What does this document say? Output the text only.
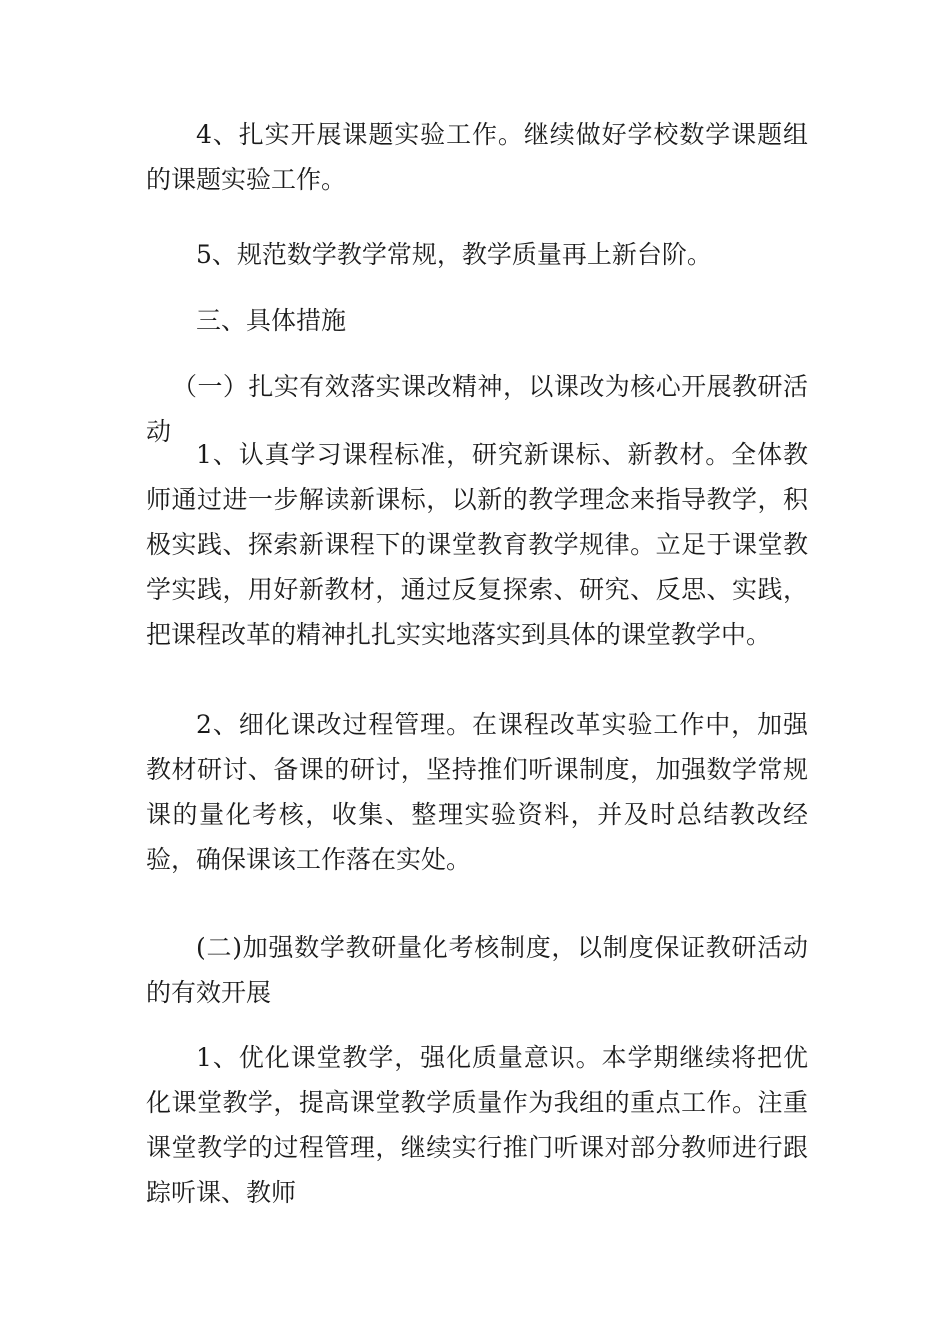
4、扎实开展课题实验工作。继续做好学校数学课题组的课题实验工作。

5、规范数学教学常规，教学质量再上新台阶。

三、具体措施

（一）扎实有效落实课改精神，以课改为核心开展教研活动

1、认真学习课程标准，研究新课标、新教材。全体教师通过进一步解读新课标，以新的教学理念来指导教学，积极实践、探索新课程下的课堂教育教学规律。立足于课堂教学实践，用好新教材，通过反复探索、研究、反思、实践，把课程改革的精神扎扎实实地落实到具体的课堂教学中。

2、细化课改过程管理。在课程改革实验工作中，加强教材研讨、备课的研讨，坚持推们听课制度，加强数学常规课的量化考核，收集、整理实验资料，并及时总结教改经验，确保课该工作落在实处。

(二)加强数学教研量化考核制度，以制度保证教研活动的有效开展

1、优化课堂教学，强化质量意识。本学期继续将把优化课堂教学，提高课堂教学质量作为我组的重点工作。注重课堂教学的过程管理，继续实行推门听课对部分教师进行跟踪听课、教师
